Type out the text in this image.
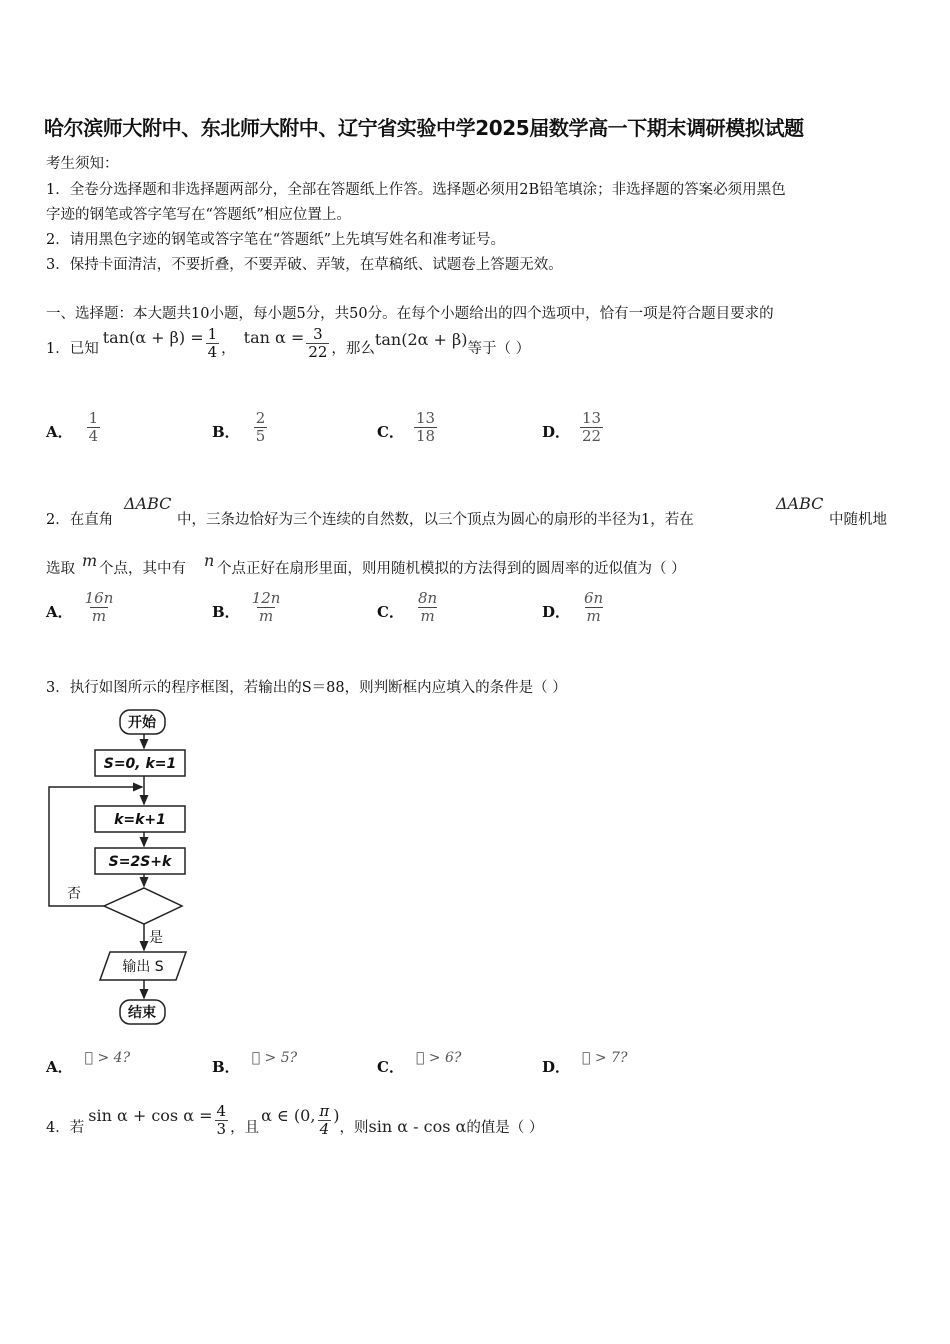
哈尔滨师大附中、东北师大附中、辽宁省实验中学2025届数学高一下期末调研模拟试题
考生须知：
1．全卷分选择题和非选择题两部分，全部在答题纸上作答。选择题必须用2B铅笔填涂；非选择题的答案必须用黑色
字迹的钢笔或答字笔写在“答题纸”相应位置上。
2．请用黑色字迹的钢笔或答字笔在“答题纸”上先填写姓名和准考证号。
3．保持卡面清洁，不要折叠，不要弄破、弄皱，在草稿纸、试题卷上答题无效。
一、选择题：本大题共10小题，每小题5分，共50分。在每个小题给出的四个选项中，恰有一项是符合题目要求的
1．已知
$\tan(\alpha + \beta) = \frac{1}{4}$ ，
$\tan \alpha = \frac{3}{22}$ ，那么 tan(2α + β) 等于（ ）
A． $\frac{1}{4}$	B． $\frac{2}{5}$	C． $\frac{13}{18}$	D． $\frac{13}{22}$
2．在直角
ΔABC
中，三条边恰好为三个连续的自然数，以三个顶点为圆心的扇形的半径为1，若在
ΔABC
中随机地
选取 m 个点，其中有 n 个点正好在扇形里面，则用随机模拟的方法得到的圆周率的近似值为（ ）
A． $\frac{16n}{m}$	B． $\frac{12n}{m}$	C． $\frac{8n}{m}$	D． $\frac{6n}{m}$
3．执行如图所示的程序框图，若输出的S＝88，则判断框内应填入的条件是（ ）
开始
S=0, k=1
k=k+1
S=2S+k
否
是
输出 S
结束
A． 􀀀 > 4?	B． 􀀀 > 5?	C． 􀀀 > 6?	D． 􀀀 > 7?
4．若
$\sin \alpha + \cos \alpha = \frac{4}{3}$ ，且
α ∈ (0, $\frac{\pi}{4}$ )
，则 sin α - cos α 的值是（ ）
